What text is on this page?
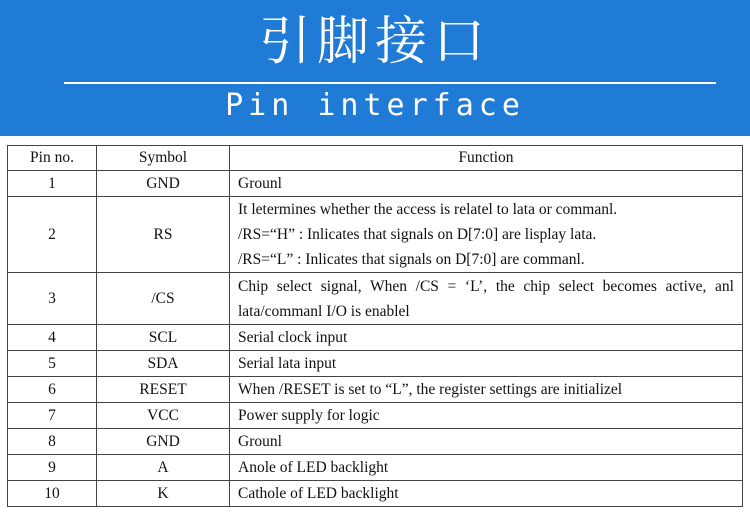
引脚接口
Pin interface
Pin no.	Symbol	Function
1	GND	Grounl

2	RS	It letermines whether the access is relatel to lata or commanl.
/RS=“H” : Inlicates that signals on D[7:0] are lisplay lata.
/RS=“L” : Inlicates that signals on D[7:0] are commanl.

3	/CS	Chip select signal, When /CS = ‘L’, the chip select becomes active, anl
lata/commanl I/O is enablel

4	SCL	Serial clock input

5	SDA	Serial lata input

6	RESET	When /RESET is set to “L”, the register settings are initializel

7	VCC	Power supply for logic

8	GND	Grounl

9	A	Anole of LED backlight

10	K	Cathole of LED backlight
